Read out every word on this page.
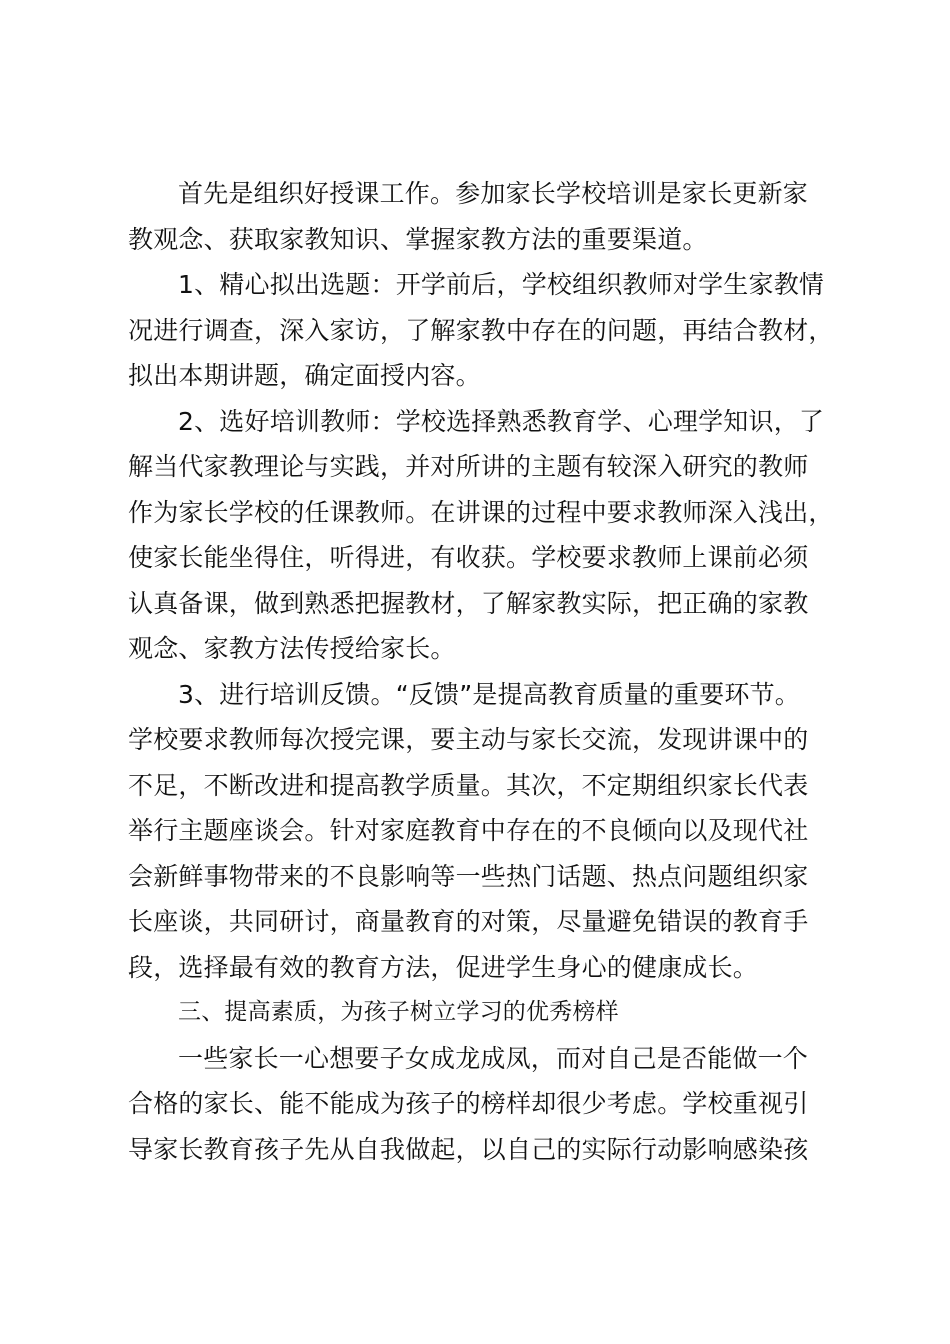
首先是组织好授课工作。参加家长学校培训是家长更新家
教观念、获取家教知识、掌握家教方法的重要渠道。
1、精心拟出选题：开学前后，学校组织教师对学生家教情
况进行调查，深入家访，了解家教中存在的问题，再结合教材，
拟出本期讲题，确定面授内容。
2、选好培训教师：学校选择熟悉教育学、心理学知识，了
解当代家教理论与实践，并对所讲的主题有较深入研究的教师
作为家长学校的任课教师。在讲课的过程中要求教师深入浅出，
使家长能坐得住，听得进，有收获。学校要求教师上课前必须
认真备课，做到熟悉把握教材，了解家教实际，把正确的家教
观念、家教方法传授给家长。
3、进行培训反馈。“反馈”是提高教育质量的重要环节。
学校要求教师每次授完课，要主动与家长交流，发现讲课中的
不足，不断改进和提高教学质量。其次，不定期组织家长代表
举行主题座谈会。针对家庭教育中存在的不良倾向以及现代社
会新鲜事物带来的不良影响等一些热门话题、热点问题组织家
长座谈，共同研讨，商量教育的对策，尽量避免错误的教育手
段，选择最有效的教育方法，促进学生身心的健康成长。
三、提高素质，为孩子树立学习的优秀榜样
一些家长一心想要子女成龙成凤，而对自己是否能做一个
合格的家长、能不能成为孩子的榜样却很少考虑。学校重视引
导家长教育孩子先从自我做起，以自己的实际行动影响感染孩
